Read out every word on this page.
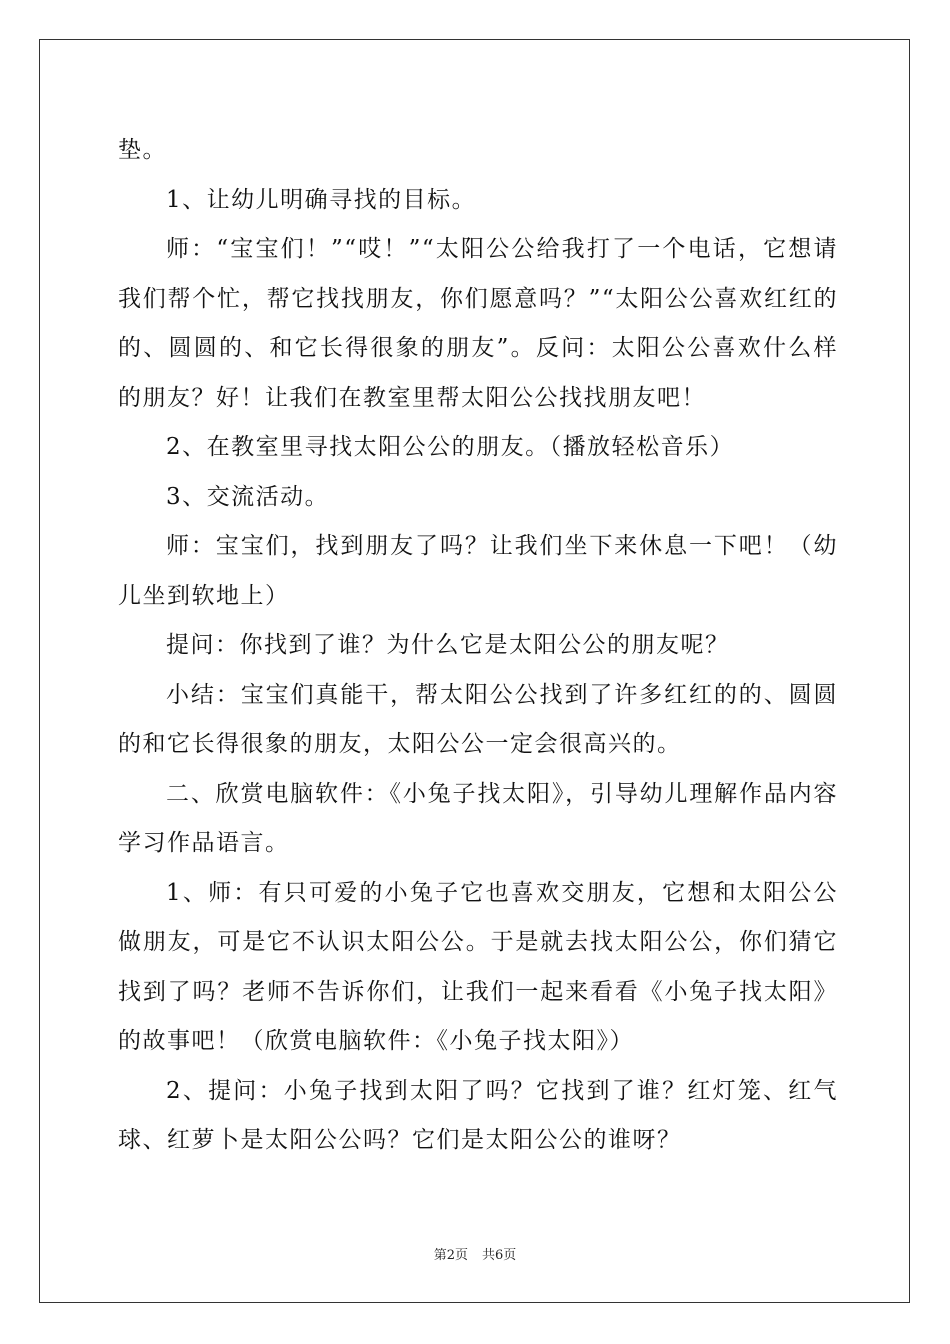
垫。

1、让幼儿明确寻找的目标。

师：“宝宝们！”“哎！”“太阳公公给我打了一个电话，它想请我们帮个忙，帮它找找朋友，你们愿意吗？”“太阳公公喜欢红红的的、圆圆的、和它长得很象的朋友”。反问：太阳公公喜欢什么样的朋友？好！让我们在教室里帮太阳公公找找朋友吧！

2、在教室里寻找太阳公公的朋友。（播放轻松音乐）

3、交流活动。

师：宝宝们，找到朋友了吗？让我们坐下来休息一下吧！（幼儿坐到软地上）

提问：你找到了谁？为什么它是太阳公公的朋友呢？

小结：宝宝们真能干，帮太阳公公找到了许多红红的的、圆圆的和它长得很象的朋友，太阳公公一定会很高兴的。

二、欣赏电脑软件：《小兔子找太阳》，引导幼儿理解作品内容学习作品语言。

1、师：有只可爱的小兔子它也喜欢交朋友，它想和太阳公公做朋友，可是它不认识太阳公公。于是就去找太阳公公，你们猜它找到了吗？老师不告诉你们，让我们一起来看看《小兔子找太阳》的故事吧！（欣赏电脑软件：《小兔子找太阳》）

2、提问：小兔子找到太阳了吗？它找到了谁？红灯笼、红气球、红萝卜是太阳公公吗？它们是太阳公公的谁呀？

第2页 共6页
